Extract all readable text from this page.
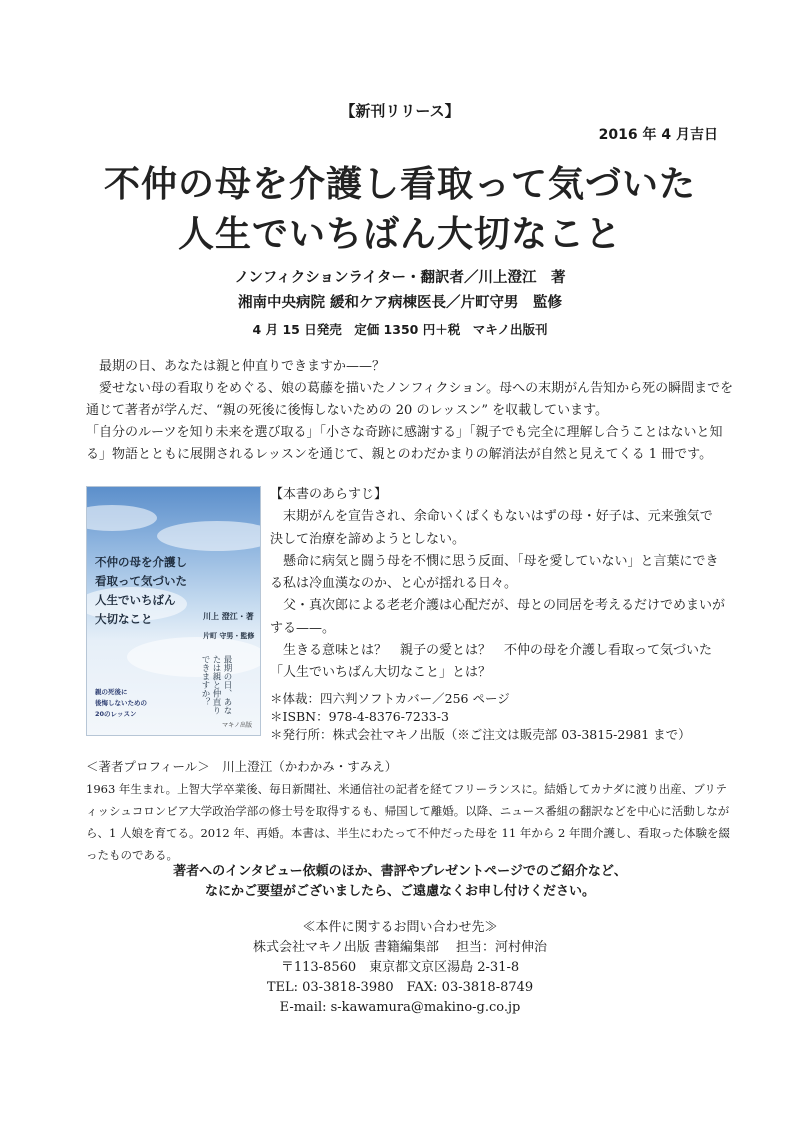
【新刊リリース】
2016 年 4 月吉日
不仲の母を介護し看取って気づいた
人生でいちばん大切なこと
ノンフィクションライター・翻訳者／川上澄江　著
湘南中央病院 緩和ケア病棟医長／片町守男　監修
4 月 15 日発売　定価 1350 円＋税　マキノ出版刊

　最期の日、あなたは親と仲直りできますか——？

　愛せない母の看取りをめぐる、娘の葛藤を描いたノンフィクション。母への末期がん告知から死の瞬間までを通じて著者が学んだ、“親の死後に後悔しないための 20 のレッスン” を収載しています。

「自分のルーツを知り未来を選び取る」「小さな奇跡に感謝する」「親子でも完全に理解し合うことはないと知る」物語とともに展開されるレッスンを通じて、親とのわだかまりの解消法が自然と見えてくる 1 冊です。

不仲の母を介護し
看取って気づいた
人生でいちばん
大切なこと	川上 澄江・著
片町 守男・監修
最期の日、あなたは親と仲直りできますか？
親の死後に
後悔しないための
20のレッスン
マキノ出版

【本書のあらすじ】

　末期がんを宣告され、余命いくばくもないはずの母・好子は、元来強気で決して治療を諦めようとしない。

　懸命に病気と闘う母を不憫に思う反面、「母を愛していない」と言葉にできる私は冷血漢なのか、と心が揺れる日々。

　父・真次郎による老老介護は心配だが、母との同居を考えるだけでめまいがする——。

　生きる意味とは？　親子の愛とは？　不仲の母を介護し看取って気づいた「人生でいちばん大切なこと」とは？

＊体裁：四六判ソフトカバー／256 ページ

＊ISBN：978-4-8376-7233-3

＊発行所：株式会社マキノ出版（※ご注文は販売部 03-3815-2981 まで）

＜著者プロフィール＞　川上澄江（かわかみ・すみえ）

1963 年生まれ。上智大学卒業後、毎日新聞社、米通信社の記者を経てフリーランスに。結婚してカナダに渡り出産、ブリティッシュコロンビア大学政治学部の修士号を取得するも、帰国して離婚。以降、ニュース番組の翻訳などを中心に活動しながら、1 人娘を育てる。2012 年、再婚。本書は、半生にわたって不仲だった母を 11 年から 2 年間介護し、看取った体験を綴ったものである。

著者へのインタビュー依頼のほか、書評やプレゼントページでのご紹介など、
なにかご要望がございましたら、ご遠慮なくお申し付けください。

≪本件に関するお問い合わせ先≫

株式会社マキノ出版 書籍編集部　 担当：河村伸治

〒113-8560　東京都文京区湯島 2-31-8

TEL: 03-3818-3980　FAX: 03-3818-8749

E-mail: s-kawamura@makino-g.co.jp
